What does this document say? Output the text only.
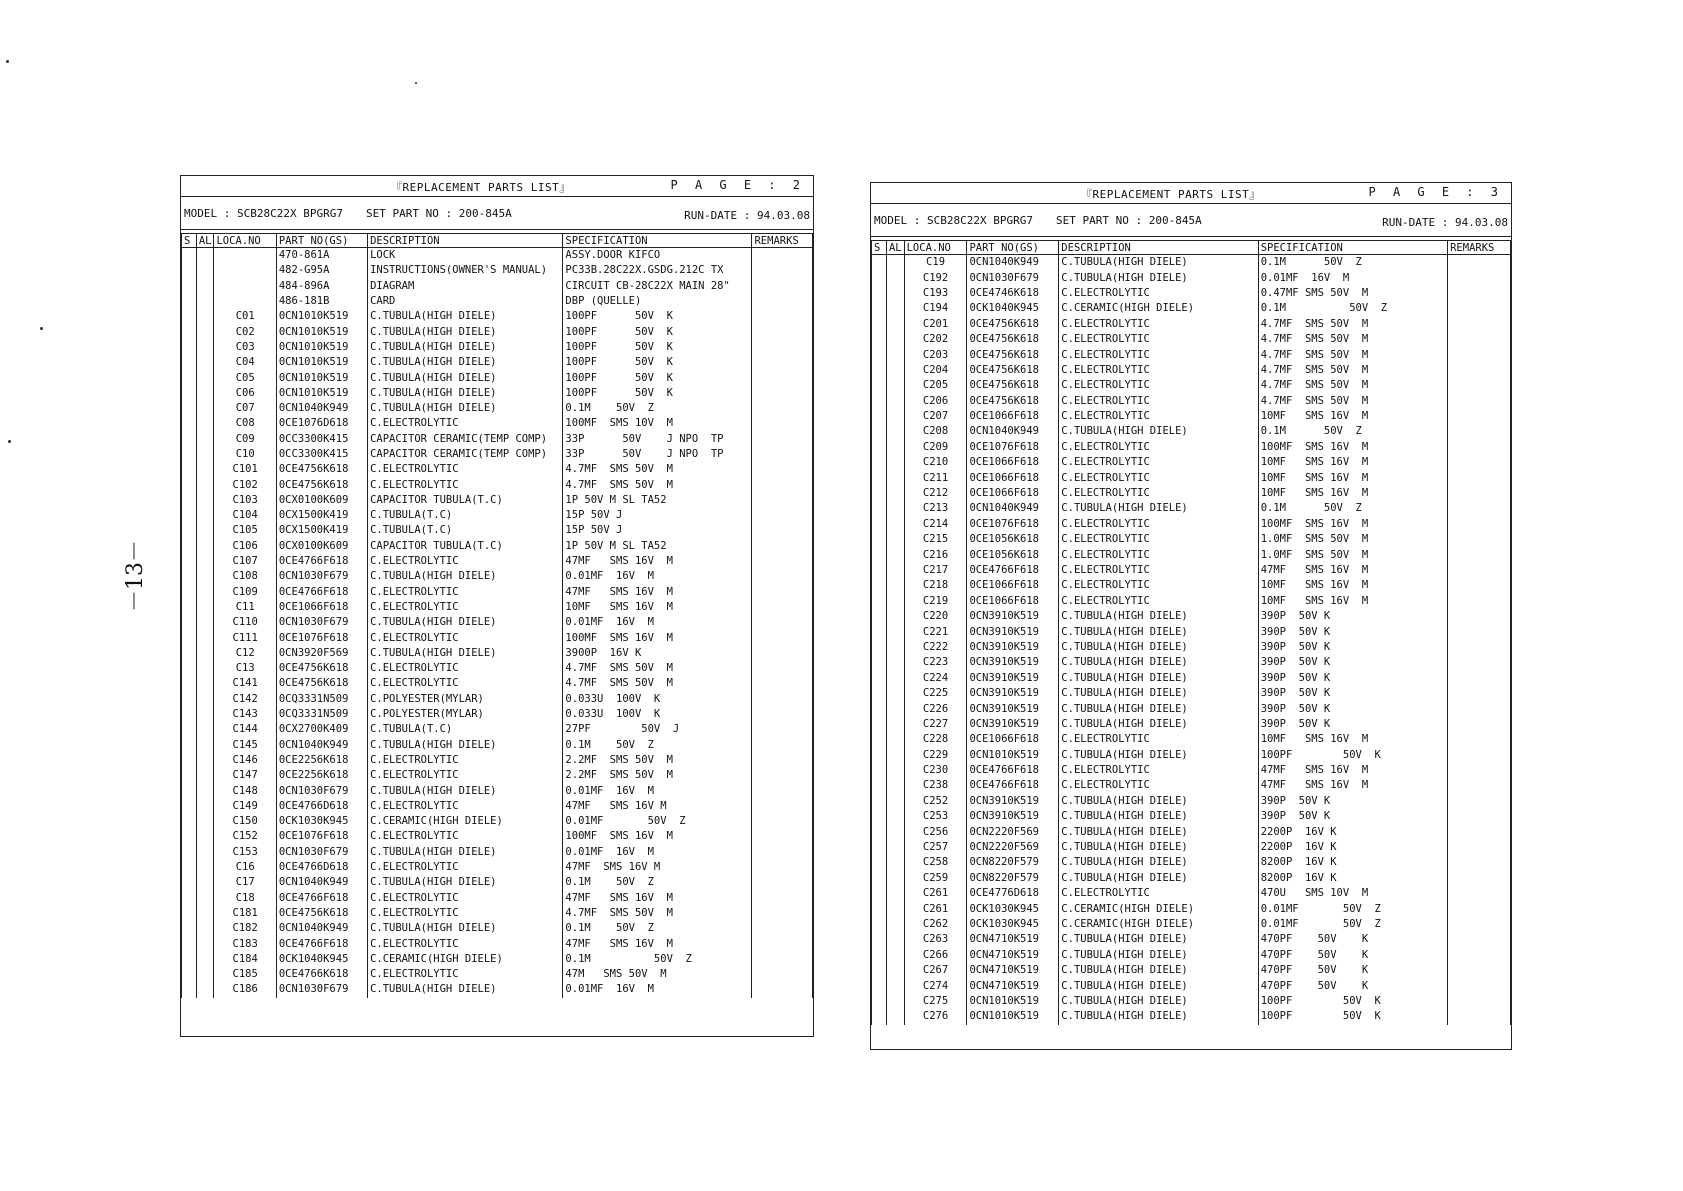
－13－
『REPLACEMENT PARTS LIST』	P A G E : 2
MODEL : SCB28C22X BPGRG7 SET PART NO : 200-845A	RUN-DATE : 94.03.08
S	AL	LOCA.NO	PART NO(GS)	DESCRIPTION	SPECIFICATION	REMARKS
			470-861A	LOCK	ASSY.DOOR KIFCO	
			482-G95A	INSTRUCTIONS(OWNER'S MANUAL)	PC33B.28C22X.GSDG.212C TX	
			484-896A	DIAGRAM	CIRCUIT CB-28C22X MAIN 28"	
			486-181B	CARD	DBP (QUELLE)	
		C01	0CN1010K519	C.TUBULA(HIGH DIELE)	100PF      50V  K	
		C02	0CN1010K519	C.TUBULA(HIGH DIELE)	100PF      50V  K	
		C03	0CN1010K519	C.TUBULA(HIGH DIELE)	100PF      50V  K	
		C04	0CN1010K519	C.TUBULA(HIGH DIELE)	100PF      50V  K	
		C05	0CN1010K519	C.TUBULA(HIGH DIELE)	100PF      50V  K	
		C06	0CN1010K519	C.TUBULA(HIGH DIELE)	100PF      50V  K	
		C07	0CN1040K949	C.TUBULA(HIGH DIELE)	0.1M    50V  Z	
		C08	0CE1076D618	C.ELECTROLYTIC	100MF  SMS 10V  M	
		C09	0CC3300K415	CAPACITOR CERAMIC(TEMP COMP)	33P      50V    J NPO  TP	
		C10	0CC3300K415	CAPACITOR CERAMIC(TEMP COMP)	33P      50V    J NPO  TP	
		C101	0CE4756K618	C.ELECTROLYTIC	4.7MF  SMS 50V  M	
		C102	0CE4756K618	C.ELECTROLYTIC	4.7MF  SMS 50V  M	
		C103	0CX0100K609	CAPACITOR TUBULA(T.C)	1P 50V M SL TA52	
		C104	0CX1500K419	C.TUBULA(T.C)	15P 50V J	
		C105	0CX1500K419	C.TUBULA(T.C)	15P 50V J	
		C106	0CX0100K609	CAPACITOR TUBULA(T.C)	1P 50V M SL TA52	
		C107	0CE4766F618	C.ELECTROLYTIC	47MF   SMS 16V  M	
		C108	0CN1030F679	C.TUBULA(HIGH DIELE)	0.01MF  16V  M	
		C109	0CE4766F618	C.ELECTROLYTIC	47MF   SMS 16V  M	
		C11	0CE1066F618	C.ELECTROLYTIC	10MF   SMS 16V  M	
		C110	0CN1030F679	C.TUBULA(HIGH DIELE)	0.01MF  16V  M	
		C111	0CE1076F618	C.ELECTROLYTIC	100MF  SMS 16V  M	
		C12	0CN3920F569	C.TUBULA(HIGH DIELE)	3900P  16V K	
		C13	0CE4756K618	C.ELECTROLYTIC	4.7MF  SMS 50V  M	
		C141	0CE4756K618	C.ELECTROLYTIC	4.7MF  SMS 50V  M	
		C142	0CQ3331N509	C.POLYESTER(MYLAR)	0.033U  100V  K	
		C143	0CQ3331N509	C.POLYESTER(MYLAR)	0.033U  100V  K	
		C144	0CX2700K409	C.TUBULA(T.C)	27PF        50V  J	
		C145	0CN1040K949	C.TUBULA(HIGH DIELE)	0.1M    50V  Z	
		C146	0CE2256K618	C.ELECTROLYTIC	2.2MF  SMS 50V  M	
		C147	0CE2256K618	C.ELECTROLYTIC	2.2MF  SMS 50V  M	
		C148	0CN1030F679	C.TUBULA(HIGH DIELE)	0.01MF  16V  M	
		C149	0CE4766D618	C.ELECTROLYTIC	47MF   SMS 16V M	
		C150	0CK1030K945	C.CERAMIC(HIGH DIELE)	0.01MF       50V  Z	
		C152	0CE1076F618	C.ELECTROLYTIC	100MF  SMS 16V  M	
		C153	0CN1030F679	C.TUBULA(HIGH DIELE)	0.01MF  16V  M	
		C16	0CE4766D618	C.ELECTROLYTIC	47MF  SMS 16V M	
		C17	0CN1040K949	C.TUBULA(HIGH DIELE)	0.1M    50V  Z	
		C18	0CE4766F618	C.ELECTROLYTIC	47MF   SMS 16V  M	
		C181	0CE4756K618	C.ELECTROLYTIC	4.7MF  SMS 50V  M	
		C182	0CN1040K949	C.TUBULA(HIGH DIELE)	0.1M    50V  Z	
		C183	0CE4766F618	C.ELECTROLYTIC	47MF   SMS 16V  M	
		C184	0CK1040K945	C.CERAMIC(HIGH DIELE)	0.1M          50V  Z	
		C185	0CE4766K618	C.ELECTROLYTIC	47M   SMS 50V  M	
		C186	0CN1030F679	C.TUBULA(HIGH DIELE)	0.01MF  16V  M	
『REPLACEMENT PARTS LIST』	P A G E : 3
MODEL : SCB28C22X BPGRG7 SET PART NO : 200-845A	RUN-DATE : 94.03.08
S	AL	LOCA.NO	PART NO(GS)	DESCRIPTION	SPECIFICATION	REMARKS
		C19	0CN1040K949	C.TUBULA(HIGH DIELE)	0.1M      50V  Z	
		C192	0CN1030F679	C.TUBULA(HIGH DIELE)	0.01MF  16V  M	
		C193	0CE4746K618	C.ELECTROLYTIC	0.47MF SMS 50V  M	
		C194	0CK1040K945	C.CERAMIC(HIGH DIELE)	0.1M          50V  Z	
		C201	0CE4756K618	C.ELECTROLYTIC	4.7MF  SMS 50V  M	
		C202	0CE4756K618	C.ELECTROLYTIC	4.7MF  SMS 50V  M	
		C203	0CE4756K618	C.ELECTROLYTIC	4.7MF  SMS 50V  M	
		C204	0CE4756K618	C.ELECTROLYTIC	4.7MF  SMS 50V  M	
		C205	0CE4756K618	C.ELECTROLYTIC	4.7MF  SMS 50V  M	
		C206	0CE4756K618	C.ELECTROLYTIC	4.7MF  SMS 50V  M	
		C207	0CE1066F618	C.ELECTROLYTIC	10MF   SMS 16V  M	
		C208	0CN1040K949	C.TUBULA(HIGH DIELE)	0.1M      50V  Z	
		C209	0CE1076F618	C.ELECTROLYTIC	100MF  SMS 16V  M	
		C210	0CE1066F618	C.ELECTROLYTIC	10MF   SMS 16V  M	
		C211	0CE1066F618	C.ELECTROLYTIC	10MF   SMS 16V  M	
		C212	0CE1066F618	C.ELECTROLYTIC	10MF   SMS 16V  M	
		C213	0CN1040K949	C.TUBULA(HIGH DIELE)	0.1M      50V  Z	
		C214	0CE1076F618	C.ELECTROLYTIC	100MF  SMS 16V  M	
		C215	0CE1056K618	C.ELECTROLYTIC	1.0MF  SMS 50V  M	
		C216	0CE1056K618	C.ELECTROLYTIC	1.0MF  SMS 50V  M	
		C217	0CE4766F618	C.ELECTROLYTIC	47MF   SMS 16V  M	
		C218	0CE1066F618	C.ELECTROLYTIC	10MF   SMS 16V  M	
		C219	0CE1066F618	C.ELECTROLYTIC	10MF   SMS 16V  M	
		C220	0CN3910K519	C.TUBULA(HIGH DIELE)	390P  50V K	
		C221	0CN3910K519	C.TUBULA(HIGH DIELE)	390P  50V K	
		C222	0CN3910K519	C.TUBULA(HIGH DIELE)	390P  50V K	
		C223	0CN3910K519	C.TUBULA(HIGH DIELE)	390P  50V K	
		C224	0CN3910K519	C.TUBULA(HIGH DIELE)	390P  50V K	
		C225	0CN3910K519	C.TUBULA(HIGH DIELE)	390P  50V K	
		C226	0CN3910K519	C.TUBULA(HIGH DIELE)	390P  50V K	
		C227	0CN3910K519	C.TUBULA(HIGH DIELE)	390P  50V K	
		C228	0CE1066F618	C.ELECTROLYTIC	10MF   SMS 16V  M	
		C229	0CN1010K519	C.TUBULA(HIGH DIELE)	100PF        50V  K	
		C230	0CE4766F618	C.ELECTROLYTIC	47MF   SMS 16V  M	
		C238	0CE4766F618	C.ELECTROLYTIC	47MF   SMS 16V  M	
		C252	0CN3910K519	C.TUBULA(HIGH DIELE)	390P  50V K	
		C253	0CN3910K519	C.TUBULA(HIGH DIELE)	390P  50V K	
		C256	0CN2220F569	C.TUBULA(HIGH DIELE)	2200P  16V K	
		C257	0CN2220F569	C.TUBULA(HIGH DIELE)	2200P  16V K	
		C258	0CN8220F579	C.TUBULA(HIGH DIELE)	8200P  16V K	
		C259	0CN8220F579	C.TUBULA(HIGH DIELE)	8200P  16V K	
		C261	0CE4776D618	C.ELECTROLYTIC	470U   SMS 10V  M	
		C261	0CK1030K945	C.CERAMIC(HIGH DIELE)	0.01MF       50V  Z	
		C262	0CK1030K945	C.CERAMIC(HIGH DIELE)	0.01MF       50V  Z	
		C263	0CN4710K519	C.TUBULA(HIGH DIELE)	470PF    50V    K	
		C266	0CN4710K519	C.TUBULA(HIGH DIELE)	470PF    50V    K	
		C267	0CN4710K519	C.TUBULA(HIGH DIELE)	470PF    50V    K	
		C274	0CN4710K519	C.TUBULA(HIGH DIELE)	470PF    50V    K	
		C275	0CN1010K519	C.TUBULA(HIGH DIELE)	100PF        50V  K	
		C276	0CN1010K519	C.TUBULA(HIGH DIELE)	100PF        50V  K	
